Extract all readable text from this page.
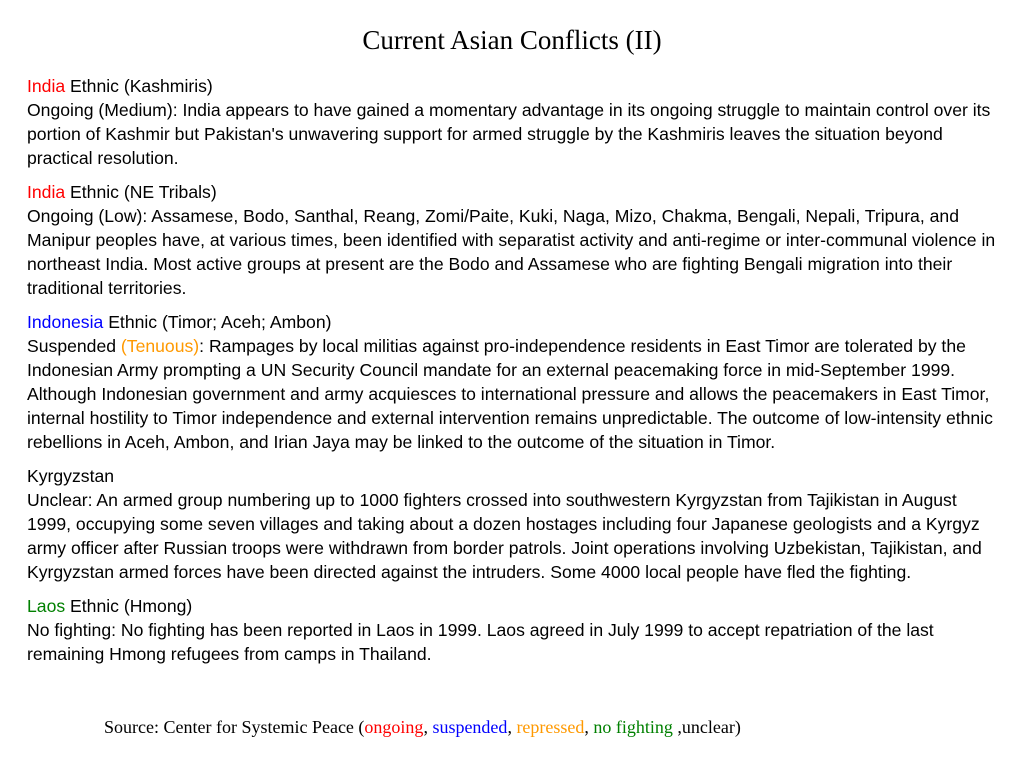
Current Asian Conflicts (II)
India Ethnic (Kashmiris)
Ongoing (Medium): India appears to have gained a momentary advantage in its ongoing struggle to maintain control over its portion of Kashmir but Pakistan's unwavering support for armed struggle by the Kashmiris leaves the situation beyond practical resolution.
India Ethnic (NE Tribals)
Ongoing (Low): Assamese, Bodo, Santhal, Reang, Zomi/Paite, Kuki, Naga, Mizo, Chakma, Bengali, Nepali, Tripura, and Manipur peoples have, at various times, been identified with separatist activity and anti-regime or inter-communal violence in northeast India. Most active groups at present are the Bodo and Assamese who are fighting Bengali migration into their traditional territories.
Indonesia Ethnic (Timor; Aceh; Ambon)
Suspended (Tenuous): Rampages by local militias against pro-independence residents in East Timor are tolerated by the Indonesian Army prompting a UN Security Council mandate for an external peacemaking force in mid-September 1999. Although Indonesian government and army acquiesces to international pressure and allows the peacemakers in East Timor, internal hostility to Timor independence and external intervention remains unpredictable. The outcome of low-intensity ethnic rebellions in Aceh, Ambon, and Irian Jaya may be linked to the outcome of the situation in Timor.
Kyrgyzstan
Unclear: An armed group numbering up to 1000 fighters crossed into southwestern Kyrgyzstan from Tajikistan in August 1999, occupying some seven villages and taking about a dozen hostages including four Japanese geologists and a Kyrgyz army officer after Russian troops were withdrawn from border patrols. Joint operations involving Uzbekistan, Tajikistan, and Kyrgyzstan armed forces have been directed against the intruders. Some 4000 local people have fled the fighting.
Laos Ethnic (Hmong)
No fighting: No fighting has been reported in Laos in 1999. Laos agreed in July 1999 to accept repatriation of the last remaining Hmong refugees from camps in Thailand.
Source: Center for Systemic Peace (ongoing, suspended, repressed, no fighting ,unclear)
